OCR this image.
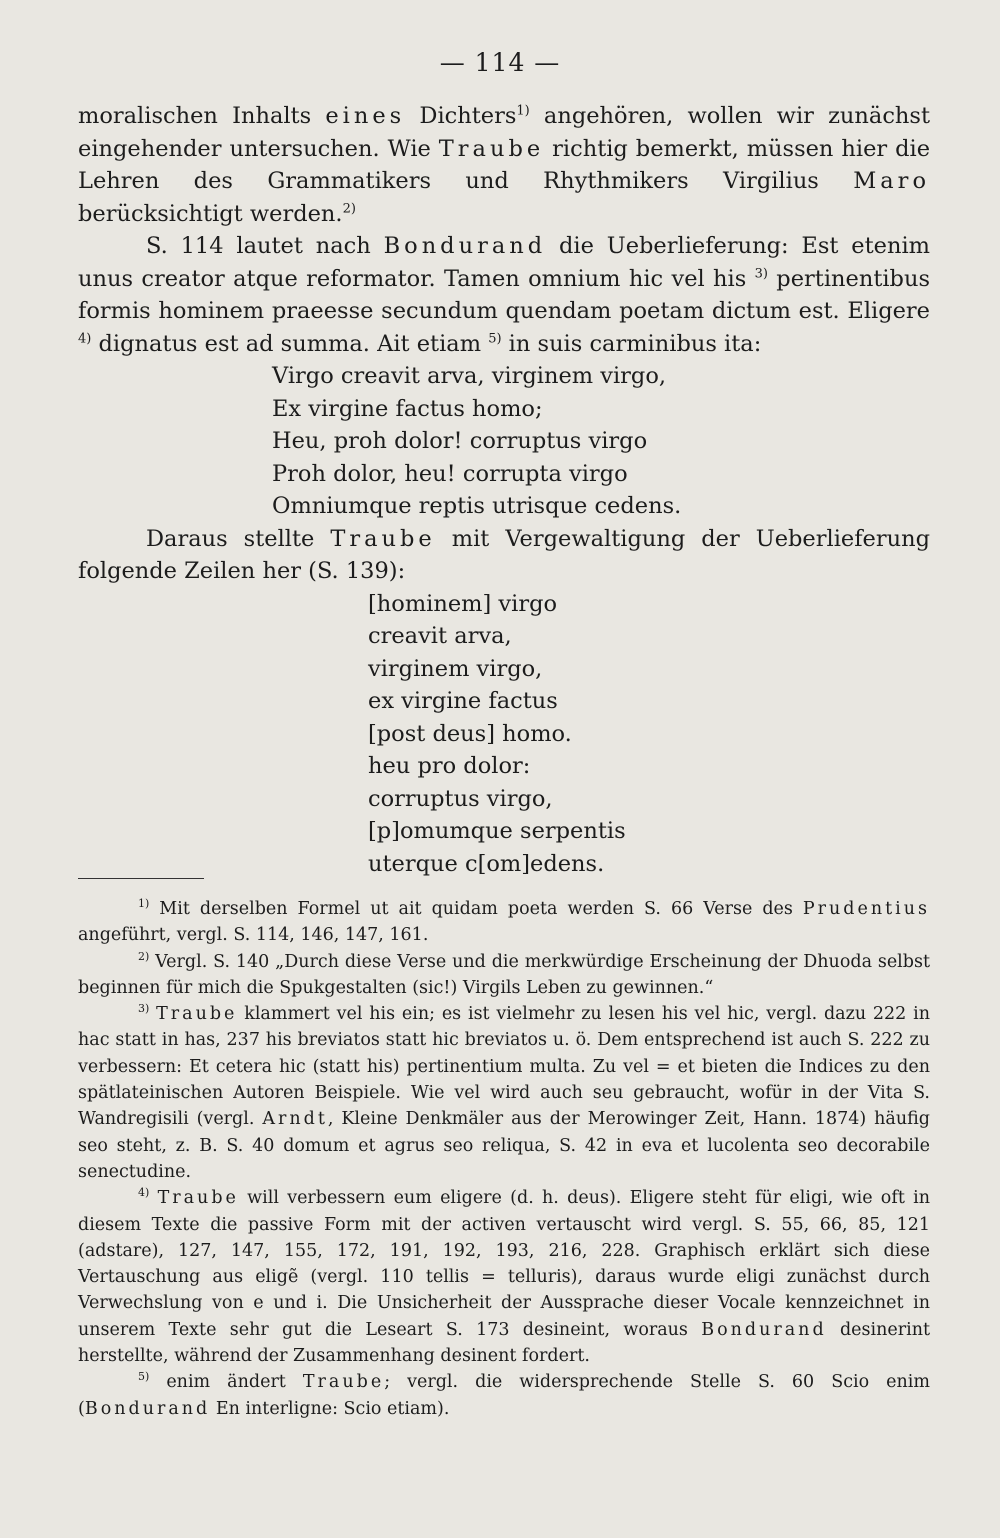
— 114 —

moralischen Inhalts eines Dichters$^{1)}$ angehören, wollen wir zunächst eingehender untersuchen. Wie Traube richtig bemerkt, müssen hier die Lehren des Grammatikers und Rhythmikers Virgilius Maro berücksichtigt werden.$^{2)}$

S. 114 lautet nach Bondurand die Ueberlieferung: Est etenim unus creator atque reformator. Tamen omnium hic vel his $^{3)}$ pertinentibus formis hominem praeesse secundum quendam poetam dictum est. Eligere $^{4)}$ dignatus est ad summa. Ait etiam $^{5)}$ in suis carminibus ita:

Virgo creavit arva, virginem virgo,
Ex virgine factus homo;
Heu, proh dolor! corruptus virgo
Proh dolor, heu! corrupta virgo
Omniumque reptis utrisque cedens.

Daraus stellte Traube mit Vergewaltigung der Ueberlieferung folgende Zeilen her (S. 139):

[hominem] virgo
creavit arva,
virginem virgo,
ex virgine factus
[post deus] homo.
heu pro dolor:
corruptus virgo,
[p]omumque serpentis
uterque c[om]edens.

$^{1)}$ Mit derselben Formel ut ait quidam poeta werden S. 66 Verse des Prudentius angeführt, vergl. S. 114, 146, 147, 161.

$^{2)}$ Vergl. S. 140 „Durch diese Verse und die merkwürdige Erscheinung der Dhuoda selbst beginnen für mich die Spukgestalten (sic!) Virgils Leben zu gewinnen.“

$^{3)}$ Traube klammert vel his ein; es ist vielmehr zu lesen his vel hic, vergl. dazu 222 in hac statt in has, 237 his breviatos statt hic breviatos u. ö. Dem entsprechend ist auch S. 222 zu verbessern: Et cetera hic (statt his) pertinentium multa. Zu vel = et bieten die Indices zu den spätlateinischen Autoren Beispiele. Wie vel wird auch seu gebraucht, wofür in der Vita S. Wandregisili (vergl. Arndt, Kleine Denkmäler aus der Merowinger Zeit, Hann. 1874) häufig seo steht, z. B. S. 40 domum et agrus seo reliqua, S. 42 in eva et lucolenta seo decorabile senectudine.

$^{4)}$ Traube will verbessern eum eligere (d. h. deus). Eligere steht für eligi, wie oft in diesem Texte die passive Form mit der activen vertauscht wird vergl. S. 55, 66, 85, 121 (adstare), 127, 147, 155, 172, 191, 192, 193, 216, 228. Graphisch erklärt sich diese Vertauschung aus eligẽ (vergl. 110 tellis = telluris), daraus wurde eligi zunächst durch Verwechslung von e und i. Die Unsicherheit der Aussprache dieser Vocale kennzeichnet in unserem Texte sehr gut die Leseart S. 173 desineint, woraus Bondurand desinerint herstellte, während der Zusammenhang desinent fordert.

$^{5)}$ enim ändert Traube; vergl. die widersprechende Stelle S. 60 Scio enim (Bondurand En interligne: Scio etiam).
